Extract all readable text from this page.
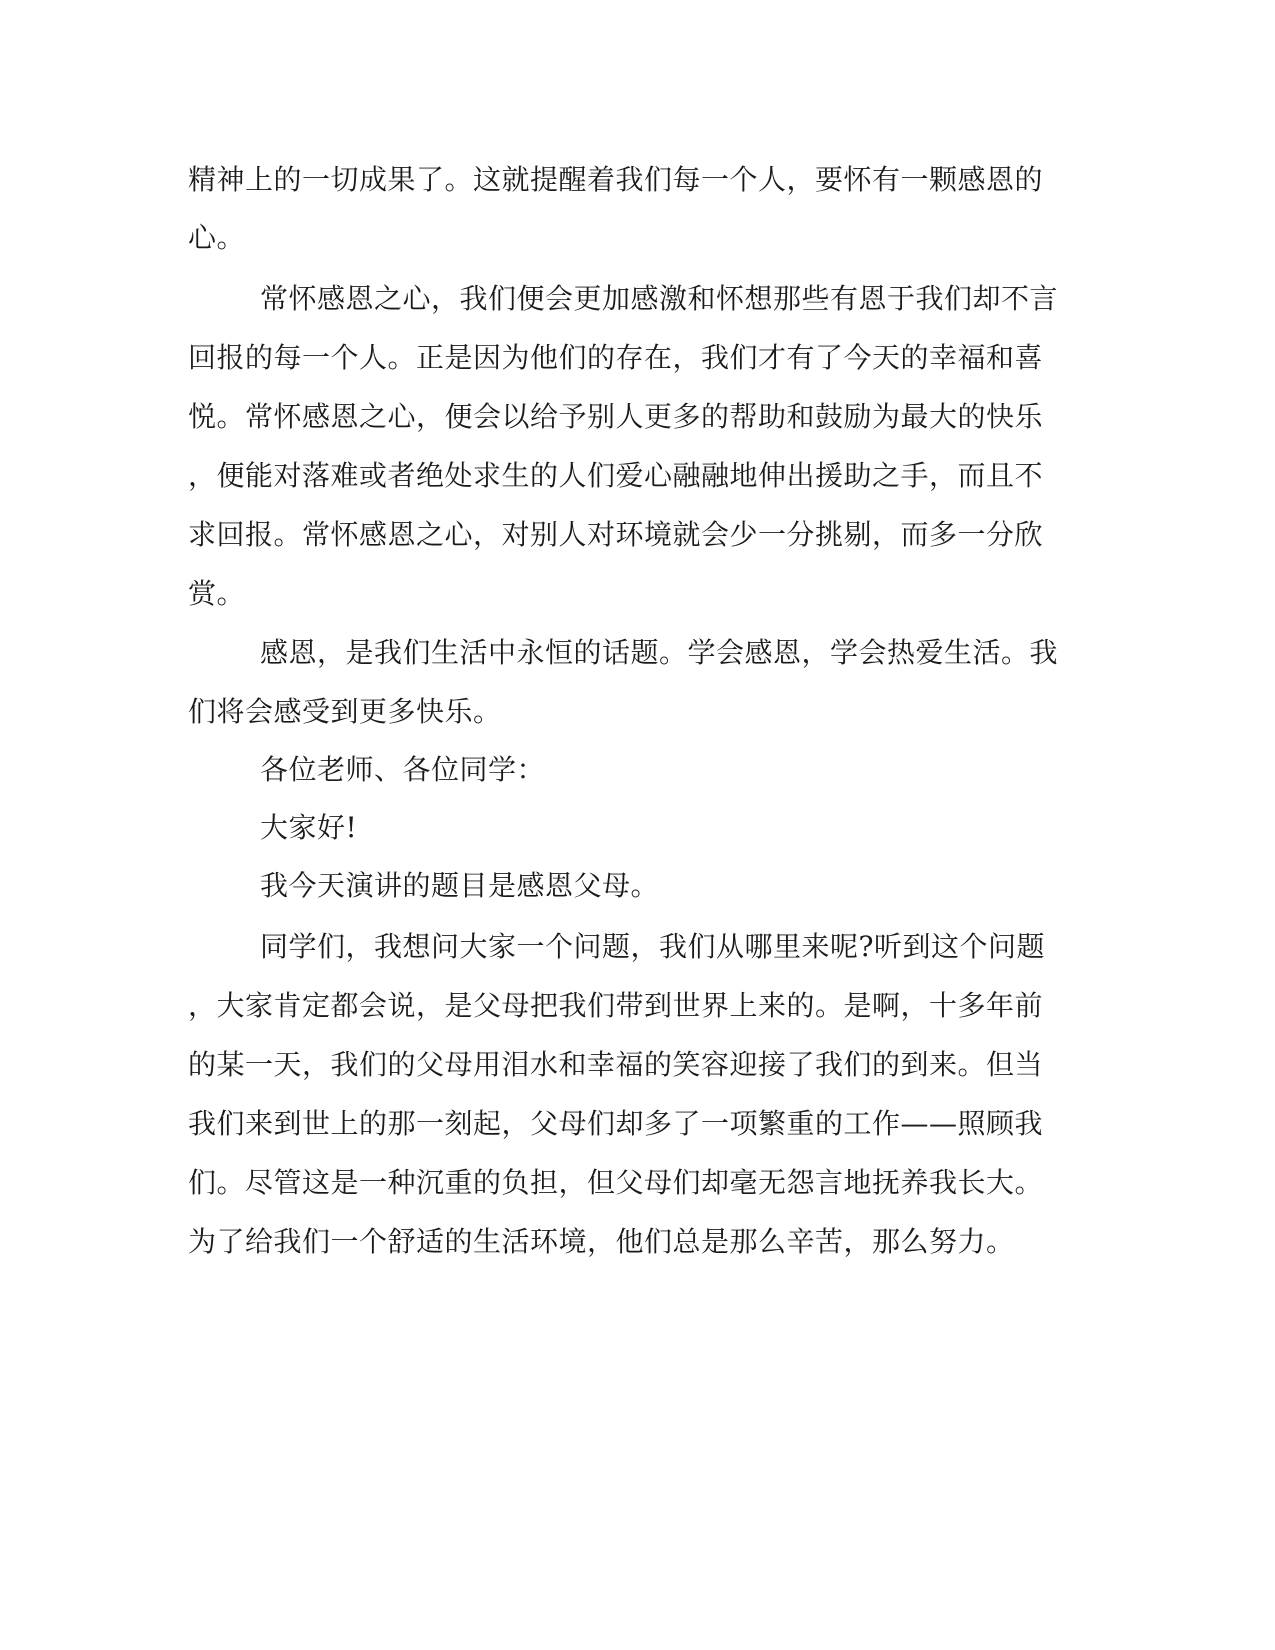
精神上的一切成果了。这就提醒着我们每一个人，要怀有一颗感恩的
心。
常怀感恩之心，我们便会更加感激和怀想那些有恩于我们却不言
回报的每一个人。正是因为他们的存在，我们才有了今天的幸福和喜
悦。常怀感恩之心，便会以给予别人更多的帮助和鼓励为最大的快乐
，便能对落难或者绝处求生的人们爱心融融地伸出援助之手，而且不
求回报。常怀感恩之心，对别人对环境就会少一分挑剔，而多一分欣
赏。
感恩，是我们生活中永恒的话题。学会感恩，学会热爱生活。我
们将会感受到更多快乐。
各位老师、各位同学：
大家好!
我今天演讲的题目是感恩父母。
同学们，我想问大家一个问题，我们从哪里来呢?听到这个问题
，大家肯定都会说，是父母把我们带到世界上来的。是啊，十多年前
的某一天，我们的父母用泪水和幸福的笑容迎接了我们的到来。但当
我们来到世上的那一刻起，父母们却多了一项繁重的工作——照顾我
们。尽管这是一种沉重的负担，但父母们却毫无怨言地抚养我长大。
为了给我们一个舒适的生活环境，他们总是那么辛苦，那么努力。
